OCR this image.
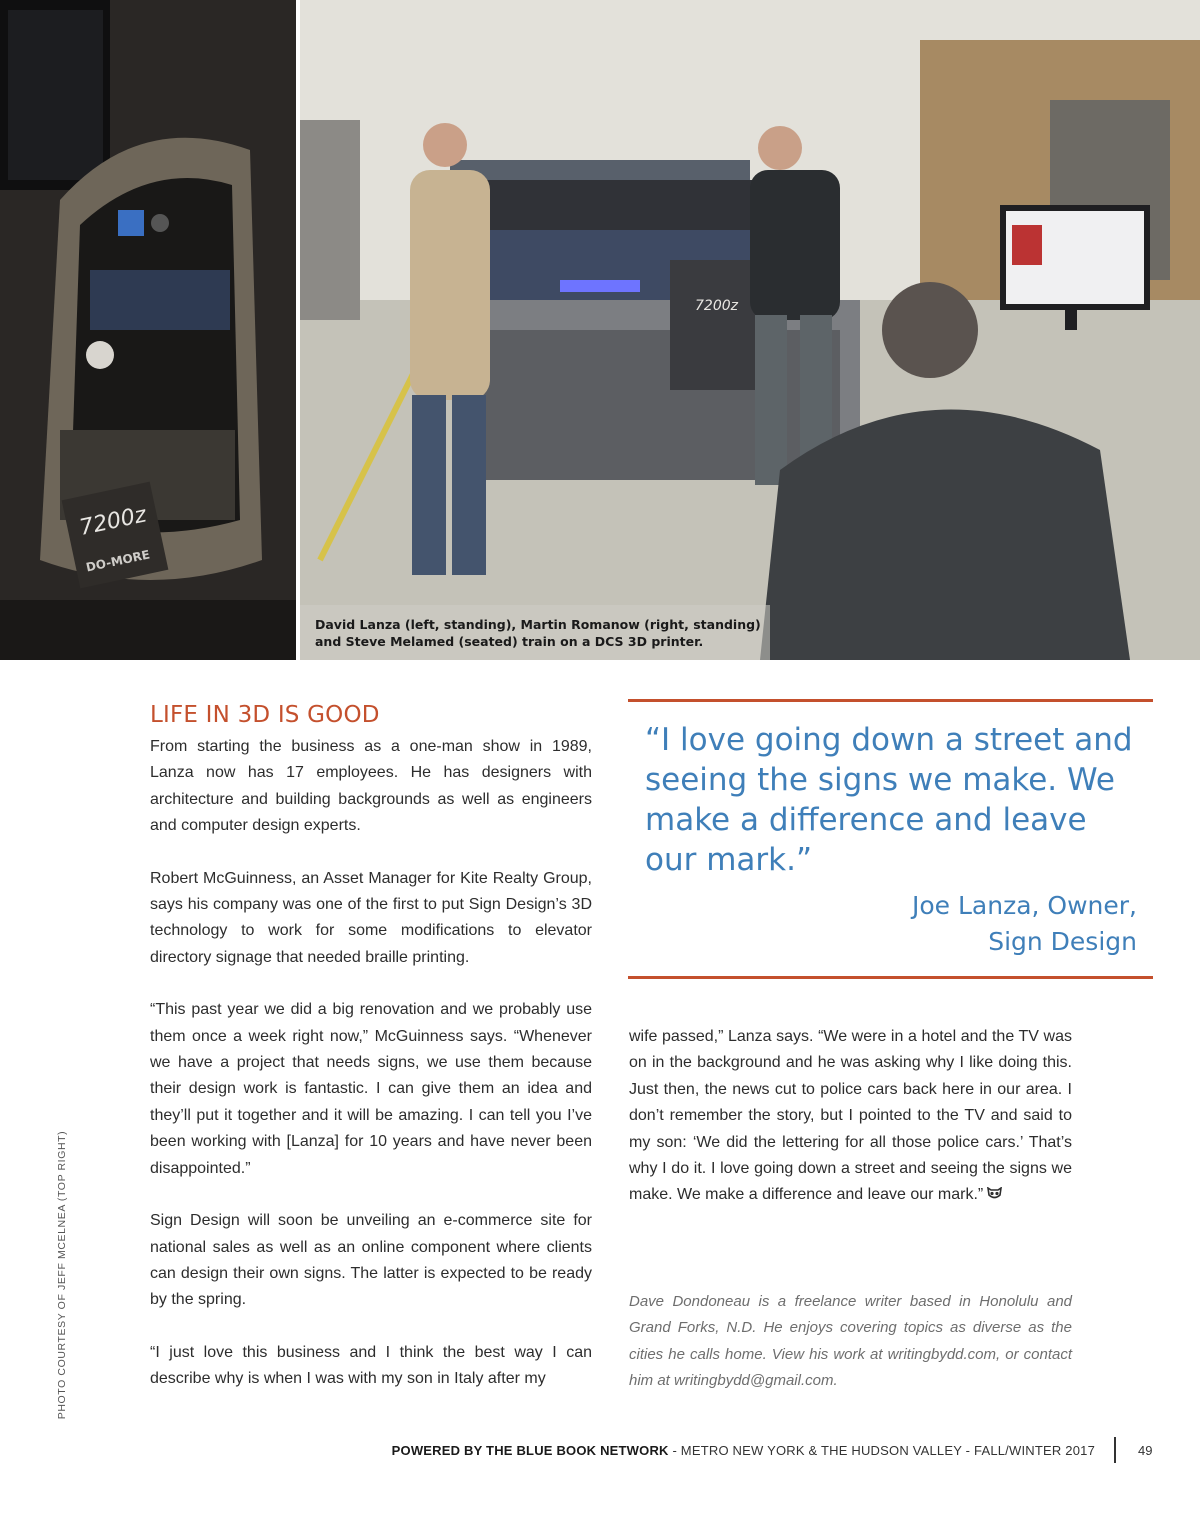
7200z
DO-MORE
7200z
David Lanza (left, standing), Martin Romanow (right, standing)
and Steve Melamed (seated) train on a DCS 3D printer.
LIFE IN 3D IS GOOD

From starting the business as a one-man show in 1989, Lanza now has 17 employees. He has designers with architecture and building backgrounds as well as engineers and computer design experts.

Robert McGuinness, an Asset Manager for Kite Realty Group, says his company was one of the first to put Sign Design’s 3D technology to work for some modifications to elevator directory signage that needed braille printing.

“This past year we did a big renovation and we probably use them once a week right now,” McGuinness says. “Whenever we have a project that needs signs, we use them because their design work is fantastic. I can give them an idea and they’ll put it together and it will be amazing. I can tell you I’ve been working with [Lanza] for 10 years and have never been disappointed.”

Sign Design will soon be unveiling an e-commerce site for national sales as well as an online component where clients can design their own signs. The latter is expected to be ready by the spring.

“I just love this business and I think the best way I can describe why is when I was with my son in Italy after my

“I love going down a street and seeing the signs we make. We make a difference and leave our mark.”

Joe Lanza, Owner,
Sign Design

wife passed,” Lanza says. “We were in a hotel and the TV was on in the background and he was asking why I like doing this. Just then, the news cut to police cars back here in our area. I don’t remember the story, but I pointed to the TV and said to my son: ‘We did the lettering for all those police cars.’ That’s why I do it. I love going down a street and seeing the signs we make. We make a difference and leave our mark.”

Dave Dondoneau is a freelance writer based in Honolulu and Grand Forks, N.D. He enjoys covering topics as diverse as the cities he calls home. View his work at writingbydd.com, or contact him at writingbydd@gmail.com.

PHOTO COURTESY OF JEFF MCELNEA (TOP RIGHT)
POWERED BY THE BLUE BOOK NETWORK - METRO NEW YORK & THE HUDSON VALLEY - FALL/WINTER 2017	49
